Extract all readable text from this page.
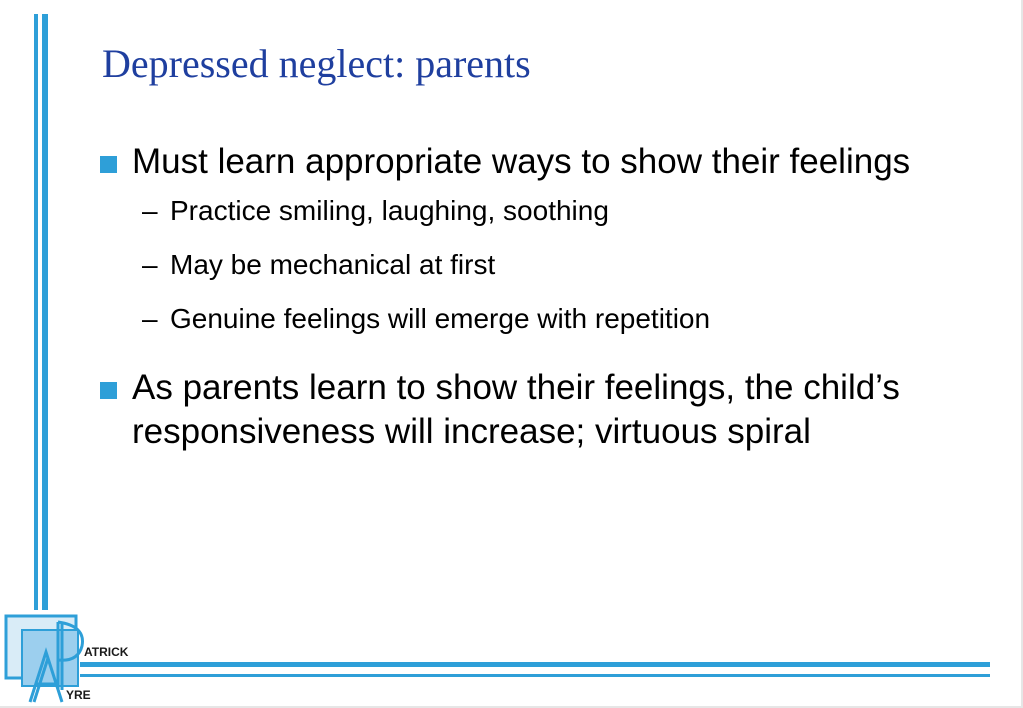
Depressed neglect: parents
Must learn appropriate ways to show their feelings
– Practice smiling, laughing, soothing
– May be mechanical at first
– Genuine feelings will emerge with repetition
As parents learn to show their feelings, the child’s responsiveness will increase; virtuous spiral
ATRICK
YRE
